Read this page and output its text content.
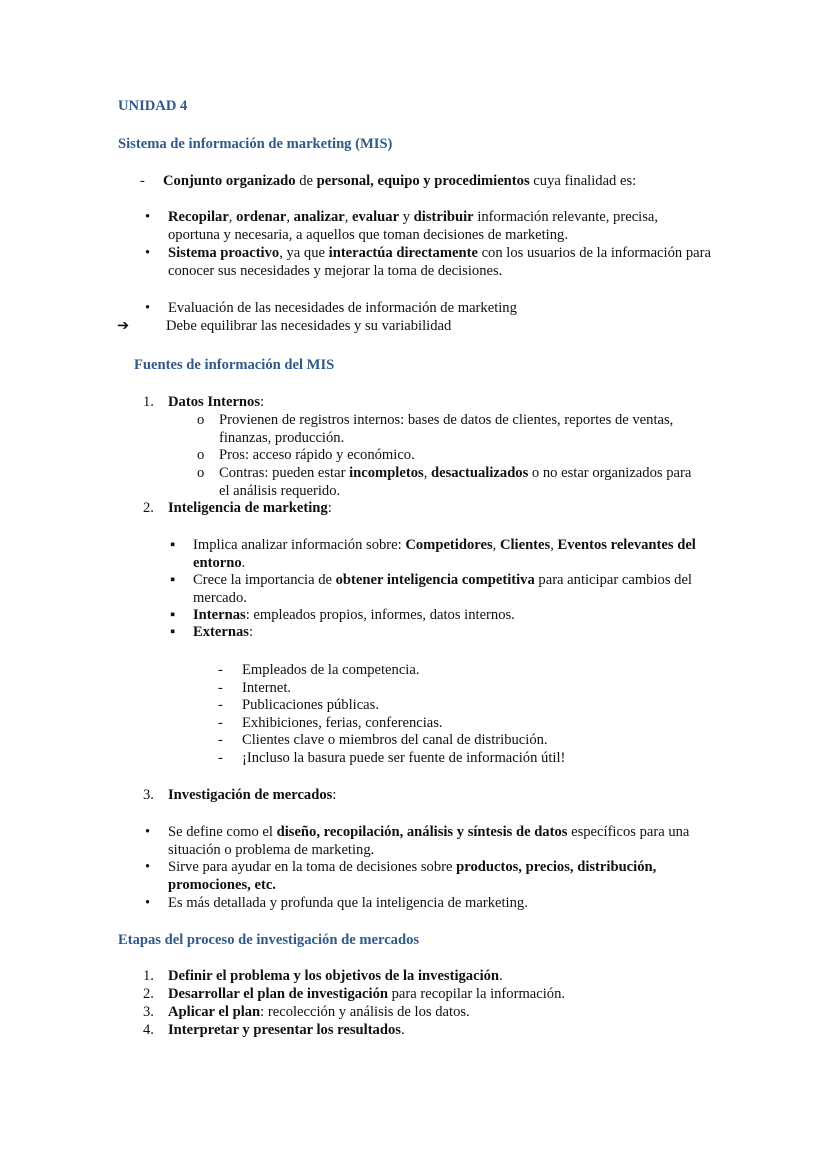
UNIDAD 4
Sistema de información de marketing (MIS)
- Conjunto organizado de personal, equipo y procedimientos cuya finalidad es:
• Recopilar, ordenar, analizar, evaluar y distribuir información relevante, precisa, oportuna y necesaria, a aquellos que toman decisiones de marketing.
• Sistema proactivo, ya que interactúa directamente con los usuarios de la información para conocer sus necesidades y mejorar la toma de decisiones.
• Evaluación de las necesidades de información de marketing
➔	Debe equilibrar las necesidades y su variabilidad
Fuentes de información del MIS
1. Datos Internos:
o Provienen de registros internos: bases de datos de clientes, reportes de ventas, finanzas, producción.
o Pros: acceso rápido y económico.
o Contras: pueden estar incompletos, desactualizados o no estar organizados para el análisis requerido.
2. Inteligencia de marketing:
▪ Implica analizar información sobre: Competidores, Clientes, Eventos relevantes del entorno.
▪ Crece la importancia de obtener inteligencia competitiva para anticipar cambios del mercado.
▪ Internas: empleados propios, informes, datos internos.
▪ Externas:
- Empleados de la competencia.
- Internet.
- Publicaciones públicas.
- Exhibiciones, ferias, conferencias.
- Clientes clave o miembros del canal de distribución.
- ¡Incluso la basura puede ser fuente de información útil!
3. Investigación de mercados:
• Se define como el diseño, recopilación, análisis y síntesis de datos específicos para una situación o problema de marketing.
• Sirve para ayudar en la toma de decisiones sobre productos, precios, distribución, promociones, etc.
• Es más detallada y profunda que la inteligencia de marketing.
Etapas del proceso de investigación de mercados
1. Definir el problema y los objetivos de la investigación.
2. Desarrollar el plan de investigación para recopilar la información.
3. Aplicar el plan: recolección y análisis de los datos.
4. Interpretar y presentar los resultados.
